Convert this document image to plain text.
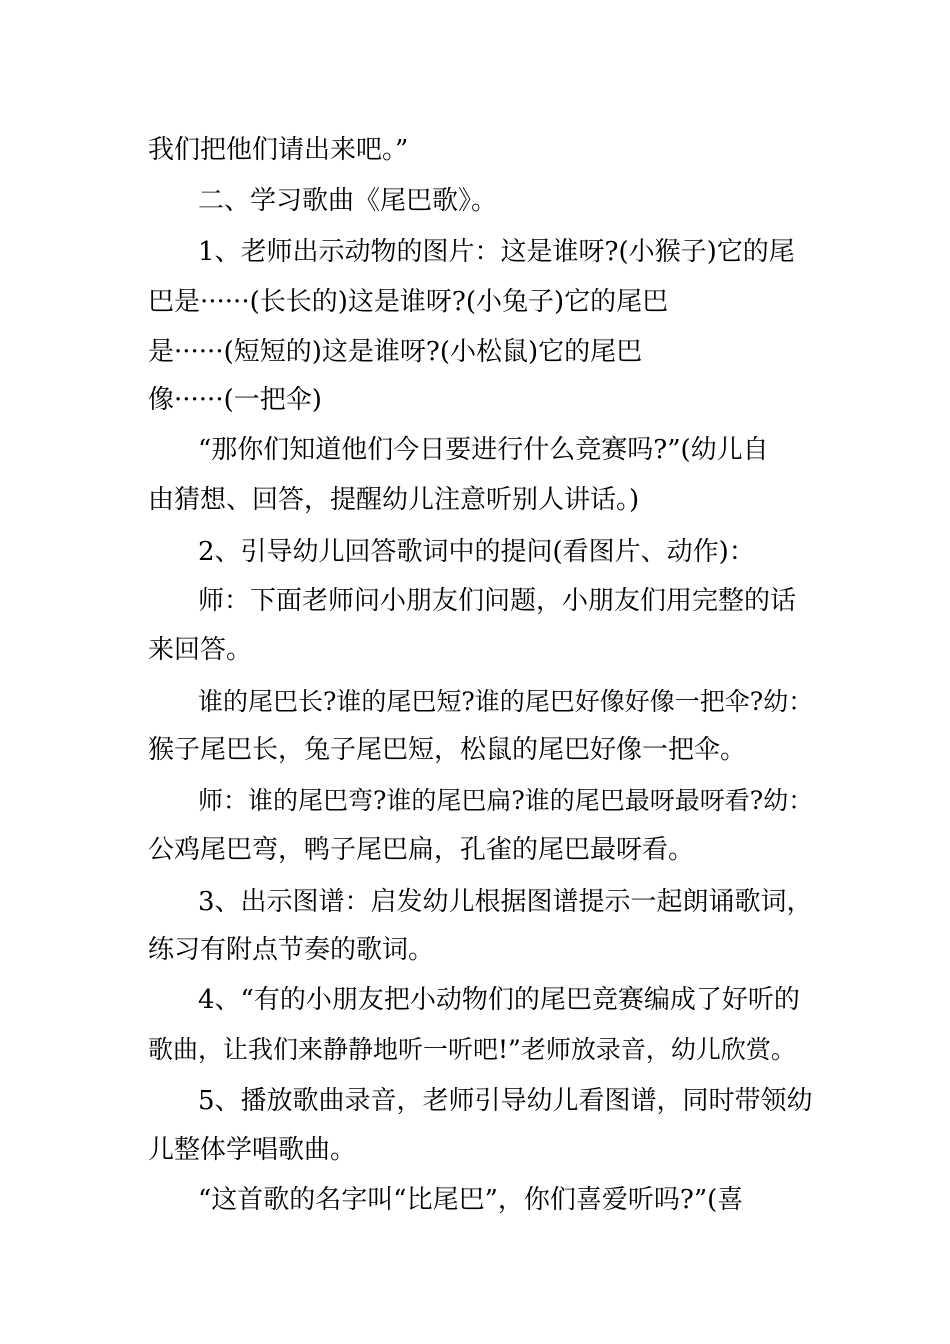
我们把他们请出来吧。”
二、学习歌曲《尾巴歌》。
1、老师出示动物的图片：这是谁呀?(小猴子)它的尾
巴是······(长长的)这是谁呀?(小兔子)它的尾巴
是······(短短的)这是谁呀?(小松鼠)它的尾巴
像······(一把伞)
“那你们知道他们今日要进行什么竞赛吗?”(幼儿自
由猜想、回答，提醒幼儿注意听别人讲话。)
2、引导幼儿回答歌词中的提问(看图片、动作)：
师：下面老师问小朋友们问题，小朋友们用完整的话
来回答。
谁的尾巴长?谁的尾巴短?谁的尾巴好像好像一把伞?幼：
猴子尾巴长，兔子尾巴短，松鼠的尾巴好像一把伞。
师：谁的尾巴弯?谁的尾巴扁?谁的尾巴最呀最呀看?幼：
公鸡尾巴弯，鸭子尾巴扁，孔雀的尾巴最呀看。
3、出示图谱：启发幼儿根据图谱提示一起朗诵歌词，
练习有附点节奏的歌词。
4、“有的小朋友把小动物们的尾巴竞赛编成了好听的
歌曲，让我们来静静地听一听吧!”老师放录音，幼儿欣赏。
5、播放歌曲录音，老师引导幼儿看图谱，同时带领幼
儿整体学唱歌曲。
“这首歌的名字叫“比尾巴”，你们喜爱听吗?”(喜
